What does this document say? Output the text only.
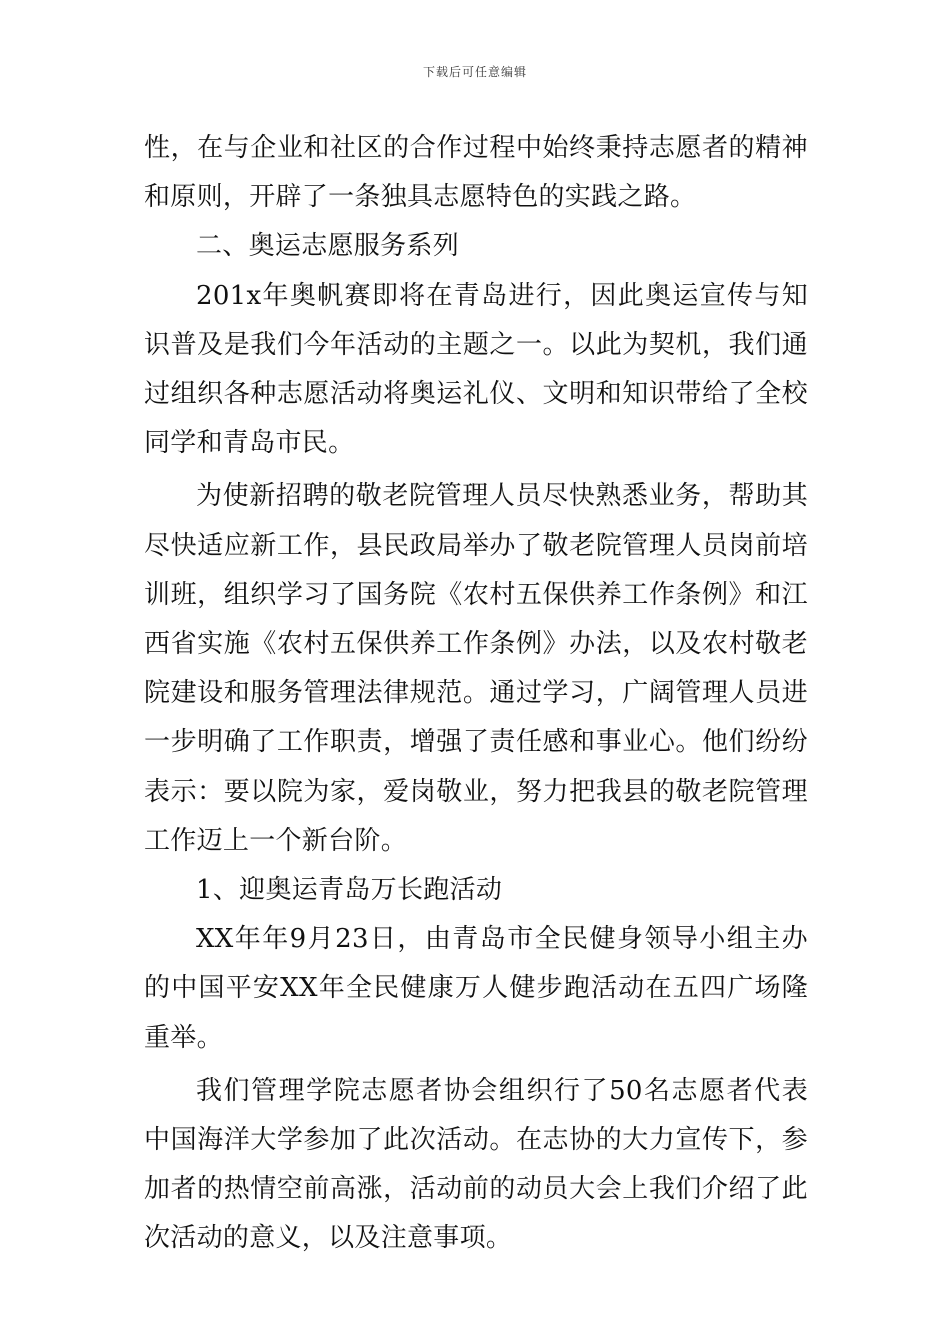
下载后可任意编辑

性，在与企业和社区的合作过程中始终秉持志愿者的精神和原则，开辟了一条独具志愿特色的实践之路。

二、奥运志愿服务系列

201x年奥帆赛即将在青岛进行，因此奥运宣传与知识普及是我们今年活动的主题之一。以此为契机，我们通过组织各种志愿活动将奥运礼仪、文明和知识带给了全校同学和青岛市民。

为使新招聘的敬老院管理人员尽快熟悉业务，帮助其尽快适应新工作，县民政局举办了敬老院管理人员岗前培训班，组织学习了国务院《农村五保供养工作条例》和江西省实施《农村五保供养工作条例》办法，以及农村敬老院建设和服务管理法律规范。通过学习，广阔管理人员进一步明确了工作职责，增强了责任感和事业心。他们纷纷表示：要以院为家，爱岗敬业，努力把我县的敬老院管理工作迈上一个新台阶。

1、迎奥运青岛万长跑活动

XX年年9月23日，由青岛市全民健身领导小组主办的中国平安XX年全民健康万人健步跑活动在五四广场隆重举。

我们管理学院志愿者协会组织行了50名志愿者代表中国海洋大学参加了此次活动。在志协的大力宣传下，参加者的热情空前高涨，活动前的动员大会上我们介绍了此次活动的意义，以及注意事项。
